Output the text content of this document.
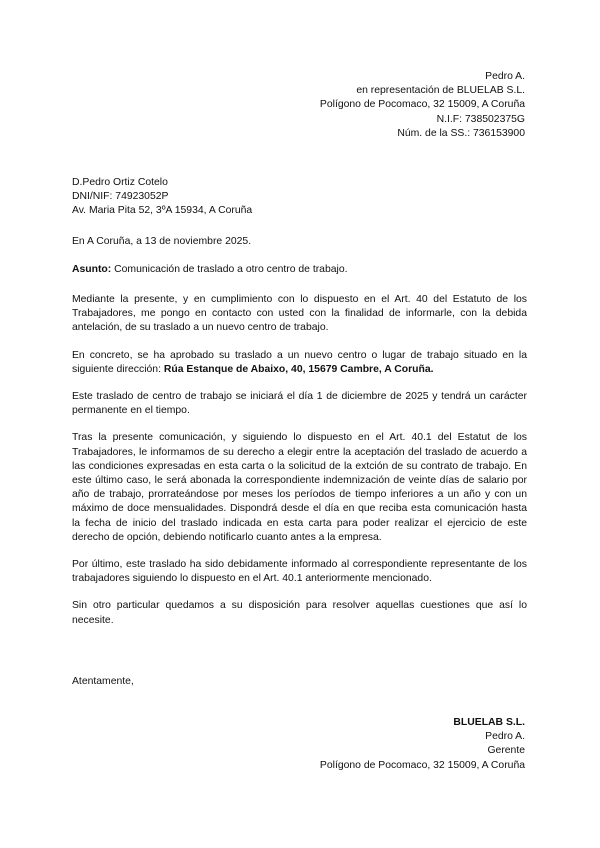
Pedro A.
en representación de BLUELAB S.L.
Polígono de Pocomaco, 32 15009, A Coruña
N.I.F: 738502375G
Núm. de la SS.: 736153900
D.Pedro Ortiz Cotelo
DNI/NIF: 74923052P
Av. Maria Pita 52, 3ºA 15934, A Coruña
En A Coruña, a 13 de noviembre 2025.
Asunto: Comunicación de traslado a otro centro de trabajo.

Mediante la presente, y en cumplimiento con lo dispuesto en el Art. 40 del Estatuto de los Trabajadores, me pongo en contacto con usted con la finalidad de informarle, con la debida antelación, de su traslado a un nuevo centro de trabajo.

En concreto, se ha aprobado su traslado a un nuevo centro o lugar de trabajo situado en la siguiente dirección: Rúa Estanque de Abaixo, 40, 15679 Cambre, A Coruña.

Este traslado de centro de trabajo se iniciará el día 1 de diciembre de 2025 y tendrá un carácter permanente en el tiempo.

Tras la presente comunicación, y siguiendo lo dispuesto en el Art. 40.1 del Estatut de los Trabajadores, le informamos de su derecho a elegir entre la aceptación del traslado de acuerdo a las condiciones expresadas en esta carta o la solicitud de la extción de su contrato de trabajo. En este último caso, le será abonada la correspondiente indemnización de veinte días de salario por año de trabajo, prorrateándose por meses los períodos de tiempo inferiores a un año y con un máximo de doce mensualidades. Dispondrá desde el día en que reciba esta comunicación hasta la fecha de inicio del traslado indicada en esta carta para poder realizar el ejercicio de este derecho de opción, debiendo notificarlo cuanto antes a la empresa.

Por último, este traslado ha sido debidamente informado al correspondiente representante de los trabajadores siguiendo lo dispuesto en el Art. 40.1 anteriormente mencionado.

Sin otro particular quedamos a su disposición para resolver aquellas cuestiones que así lo necesite.

Atentamente,
BLUELAB S.L.
Pedro A.
Gerente
Polígono de Pocomaco, 32 15009, A Coruña
